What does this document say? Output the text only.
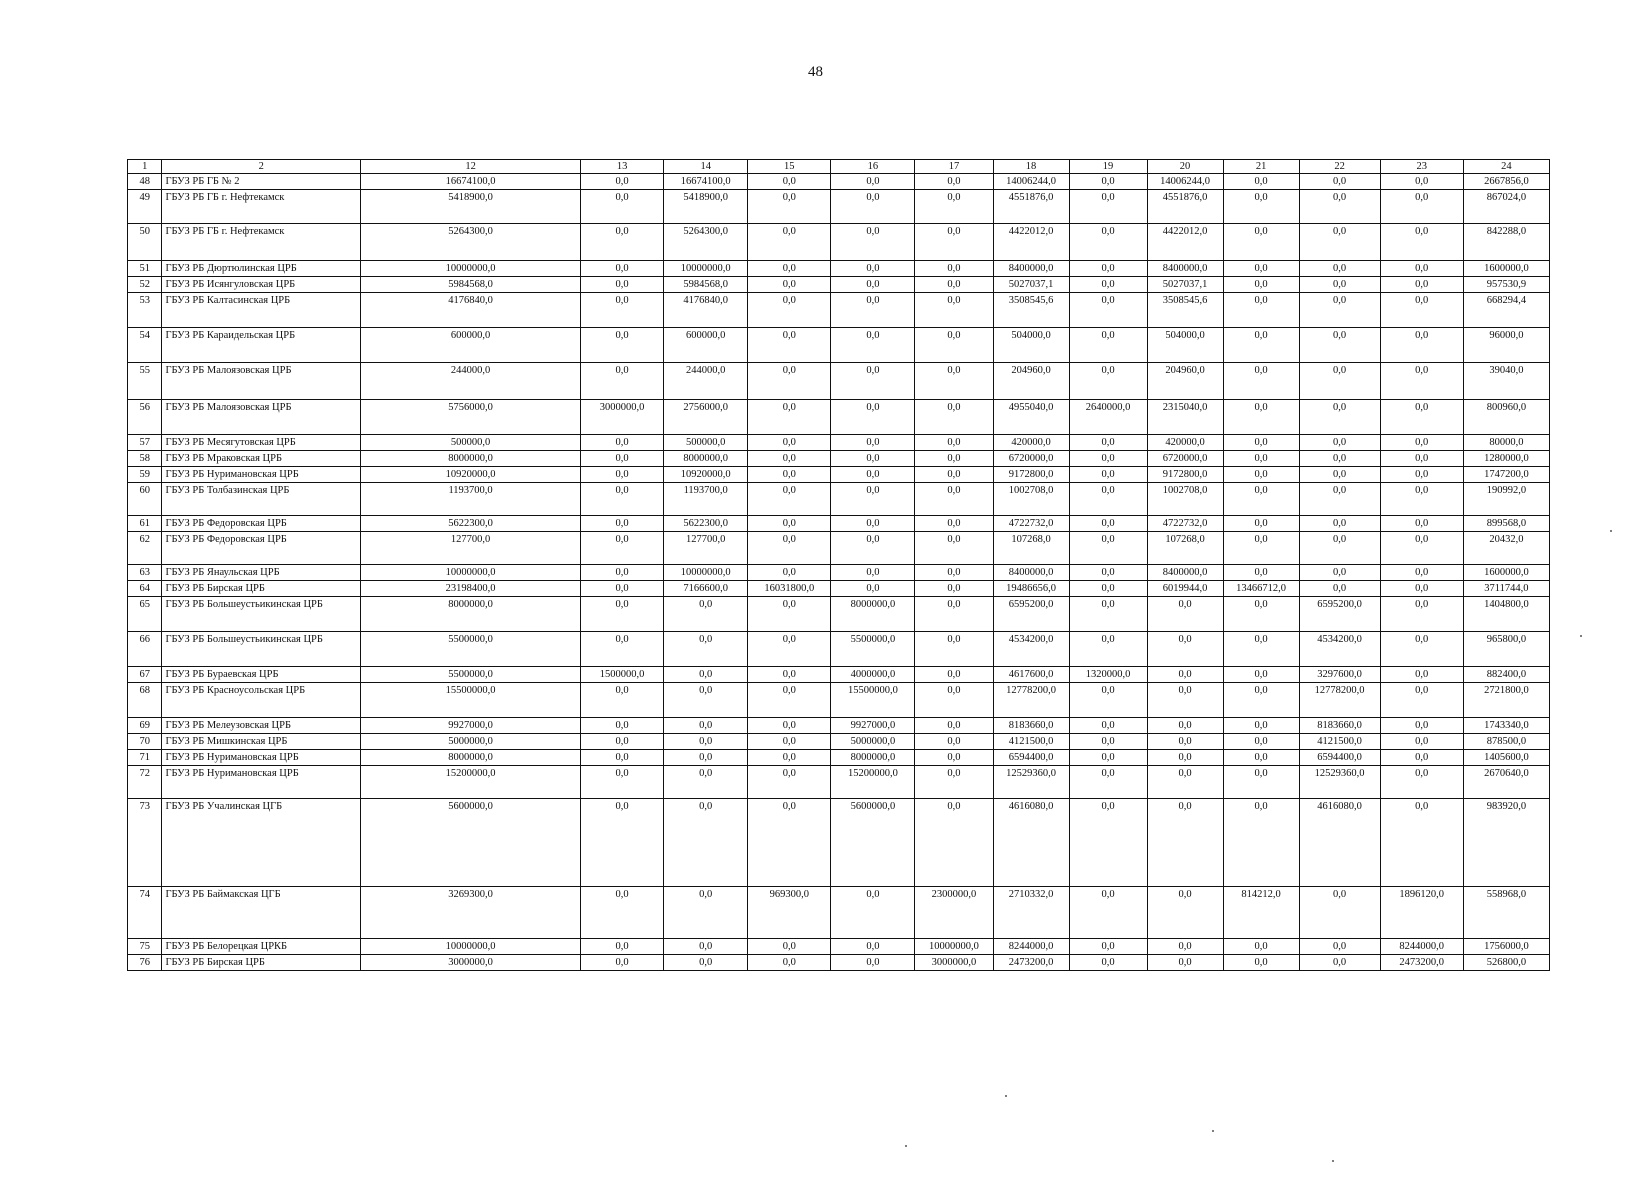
48
1	2	12	13	14	15	16	17	18	19	20	21	22	23	24
48	ГБУЗ РБ ГБ № 2	16674100,0	0,0	16674100,0	0,0	0,0	0,0	14006244,0	0,0	14006244,0	0,0	0,0	0,0	2667856,0
49	ГБУЗ РБ ГБ г. Нефтекамск	5418900,0	0,0	5418900,0	0,0	0,0	0,0	4551876,0	0,0	4551876,0	0,0	0,0	0,0	867024,0
50	ГБУЗ РБ ГБ г. Нефтекамск	5264300,0	0,0	5264300,0	0,0	0,0	0,0	4422012,0	0,0	4422012,0	0,0	0,0	0,0	842288,0
51	ГБУЗ РБ Дюртюлинская ЦРБ	10000000,0	0,0	10000000,0	0,0	0,0	0,0	8400000,0	0,0	8400000,0	0,0	0,0	0,0	1600000,0
52	ГБУЗ РБ Исянгуловская ЦРБ	5984568,0	0,0	5984568,0	0,0	0,0	0,0	5027037,1	0,0	5027037,1	0,0	0,0	0,0	957530,9
53	ГБУЗ РБ Калтасинская ЦРБ	4176840,0	0,0	4176840,0	0,0	0,0	0,0	3508545,6	0,0	3508545,6	0,0	0,0	0,0	668294,4
54	ГБУЗ РБ Караидельская ЦРБ	600000,0	0,0	600000,0	0,0	0,0	0,0	504000,0	0,0	504000,0	0,0	0,0	0,0	96000,0
55	ГБУЗ РБ Малоязовская ЦРБ	244000,0	0,0	244000,0	0,0	0,0	0,0	204960,0	0,0	204960,0	0,0	0,0	0,0	39040,0
56	ГБУЗ РБ Малоязовская ЦРБ	5756000,0	3000000,0	2756000,0	0,0	0,0	0,0	4955040,0	2640000,0	2315040,0	0,0	0,0	0,0	800960,0
57	ГБУЗ РБ Месягутовская ЦРБ	500000,0	0,0	500000,0	0,0	0,0	0,0	420000,0	0,0	420000,0	0,0	0,0	0,0	80000,0
58	ГБУЗ РБ Мраковская ЦРБ	8000000,0	0,0	8000000,0	0,0	0,0	0,0	6720000,0	0,0	6720000,0	0,0	0,0	0,0	1280000,0
59	ГБУЗ РБ Нуримановская ЦРБ	10920000,0	0,0	10920000,0	0,0	0,0	0,0	9172800,0	0,0	9172800,0	0,0	0,0	0,0	1747200,0
60	ГБУЗ РБ Толбазинская ЦРБ	1193700,0	0,0	1193700,0	0,0	0,0	0,0	1002708,0	0,0	1002708,0	0,0	0,0	0,0	190992,0
61	ГБУЗ РБ Федоровская ЦРБ	5622300,0	0,0	5622300,0	0,0	0,0	0,0	4722732,0	0,0	4722732,0	0,0	0,0	0,0	899568,0
62	ГБУЗ РБ Федоровская ЦРБ	127700,0	0,0	127700,0	0,0	0,0	0,0	107268,0	0,0	107268,0	0,0	0,0	0,0	20432,0
63	ГБУЗ РБ Янаульская ЦРБ	10000000,0	0,0	10000000,0	0,0	0,0	0,0	8400000,0	0,0	8400000,0	0,0	0,0	0,0	1600000,0
64	ГБУЗ РБ Бирская ЦРБ	23198400,0	0,0	7166600,0	16031800,0	0,0	0,0	19486656,0	0,0	6019944,0	13466712,0	0,0	0,0	3711744,0
65	ГБУЗ РБ Большеустьикинская ЦРБ	8000000,0	0,0	0,0	0,0	8000000,0	0,0	6595200,0	0,0	0,0	0,0	6595200,0	0,0	1404800,0
66	ГБУЗ РБ Большеустьикинская ЦРБ	5500000,0	0,0	0,0	0,0	5500000,0	0,0	4534200,0	0,0	0,0	0,0	4534200,0	0,0	965800,0
67	ГБУЗ РБ Бураевская ЦРБ	5500000,0	1500000,0	0,0	0,0	4000000,0	0,0	4617600,0	1320000,0	0,0	0,0	3297600,0	0,0	882400,0
68	ГБУЗ РБ Красноусольская ЦРБ	15500000,0	0,0	0,0	0,0	15500000,0	0,0	12778200,0	0,0	0,0	0,0	12778200,0	0,0	2721800,0
69	ГБУЗ РБ Мелеузовская ЦРБ	9927000,0	0,0	0,0	0,0	9927000,0	0,0	8183660,0	0,0	0,0	0,0	8183660,0	0,0	1743340,0
70	ГБУЗ РБ Мишкинская ЦРБ	5000000,0	0,0	0,0	0,0	5000000,0	0,0	4121500,0	0,0	0,0	0,0	4121500,0	0,0	878500,0
71	ГБУЗ РБ Нуримановская ЦРБ	8000000,0	0,0	0,0	0,0	8000000,0	0,0	6594400,0	0,0	0,0	0,0	6594400,0	0,0	1405600,0
72	ГБУЗ РБ Нуримановская ЦРБ	15200000,0	0,0	0,0	0,0	15200000,0	0,0	12529360,0	0,0	0,0	0,0	12529360,0	0,0	2670640,0
73	ГБУЗ РБ Учалинская ЦГБ	5600000,0	0,0	0,0	0,0	5600000,0	0,0	4616080,0	0,0	0,0	0,0	4616080,0	0,0	983920,0
74	ГБУЗ РБ Баймакская ЦГБ	3269300,0	0,0	0,0	969300,0	0,0	2300000,0	2710332,0	0,0	0,0	814212,0	0,0	1896120,0	558968,0
75	ГБУЗ РБ Белорецкая ЦРКБ	10000000,0	0,0	0,0	0,0	0,0	10000000,0	8244000,0	0,0	0,0	0,0	0,0	8244000,0	1756000,0
76	ГБУЗ РБ Бирская ЦРБ	3000000,0	0,0	0,0	0,0	0,0	3000000,0	2473200,0	0,0	0,0	0,0	0,0	2473200,0	526800,0
